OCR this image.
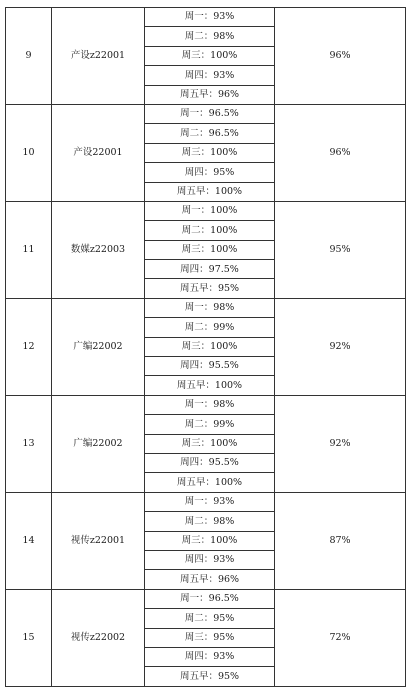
9	产设z22001	周一：93%	96%
		周二：98%	
		周三：100%	
		周四：93%	
		周五早：96%	
10	产设22001	周一：96.5%	96%
		周二：96.5%	
		周三：100%	
		周四：95%	
		周五早：100%	
11	数媒z22003	周一：100%	95%
		周二：100%	
		周三：100%	
		周四：97.5%	
		周五早：95%	
12	广编22002	周一：98%	92%
		周二：99%	
		周三：100%	
		周四：95.5%	
		周五早：100%	
13	广编22002	周一：98%	92%
		周二：99%	
		周三：100%	
		周四：95.5%	
		周五早：100%	
14	视传z22001	周一：93%	87%
		周二：98%	
		周三：100%	
		周四：93%	
		周五早：96%	
15	视传z22002	周一：96.5%	72%
		周二：95%	
		周三：95%	
		周四：93%	
		周五早：95%	
